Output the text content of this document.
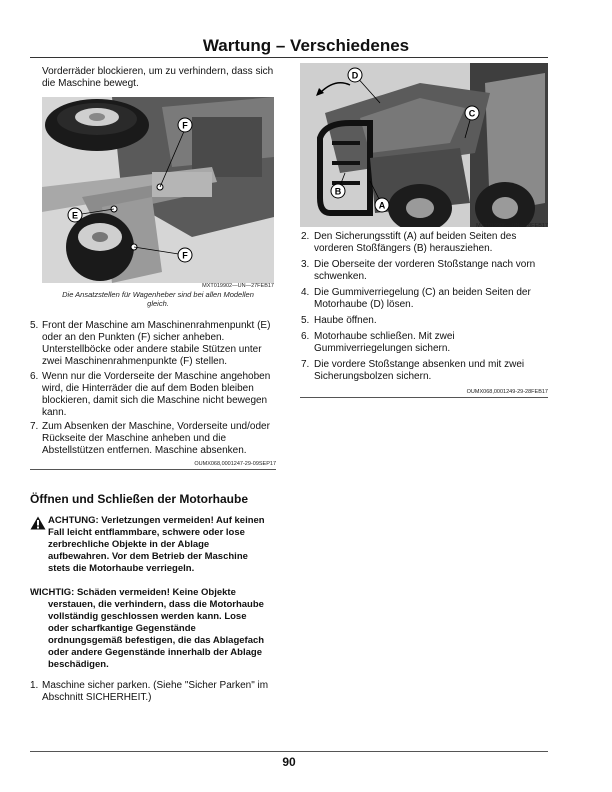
Wartung – Verschiedenes
Vorderräder blockieren, um zu verhindern, dass sich
die Maschine bewegt.
F
E
F
MXT019902—UN—27FEB17
Die Ansatzstellen für Wagenheber sind bei allen Modellen
gleich.
5. Front der Maschine am Maschinenrahmenpunkt (E)
oder an den Punkten (F) sicher anheben.
Unterstellböcke oder andere stabile Stützen unter
zwei Maschinenrahmenpunkte (F) stellen.
6. Wenn nur die Vorderseite der Maschine angehoben
wird, die Hinterräder die auf dem Boden bleiben
blockieren, damit sich die Maschine nicht bewegen
kann.
7. Zum Absenken der Maschine, Vorderseite und/oder
Rückseite der Maschine anheben und die
Abstellstützen entfernen. Maschine absenken.
OUMX068,0001247-29-09SEP17
Öffnen und Schließen der Motorhaube
ACHTUNG: Verletzungen vermeiden! Auf keinen
Fall leicht entflammbare, schwere oder lose
zerbrechliche Objekte in der Ablage
aufbewahren. Vor dem Betrieb der Maschine
stets die Motorhaube verriegeln.
WICHTIG: Schäden vermeiden! Keine Objekte
verstauen, die verhindern, dass die Motorhaube
vollständig geschlossen werden kann. Lose
oder scharfkantige Gegenstände
ordnungsgemäß befestigen, die das Ablagefach
oder andere Gegenstände innerhalb der Ablage
beschädigen.
1. Maschine sicher parken. (Siehe "Sicher Parken" im
Abschnitt SICHERHEIT.)
D
C
B
A
MXT019906—UN—28FEB17
2. Den Sicherungsstift (A) auf beiden Seiten des
vorderen Stoßfängers (B) herausziehen.
3. Die Oberseite der vorderen Stoßstange nach vorn
schwenken.
4. Die Gummiverriegelung (C) an beiden Seiten der
Motorhaube (D) lösen.
5. Haube öffnen.
6. Motorhaube schließen. Mit zwei
Gummiverriegelungen sichern.
7. Die vordere Stoßstange absenken und mit zwei
Sicherungsbolzen sichern.
OUMX068,0001249-29-28FEB17
90
